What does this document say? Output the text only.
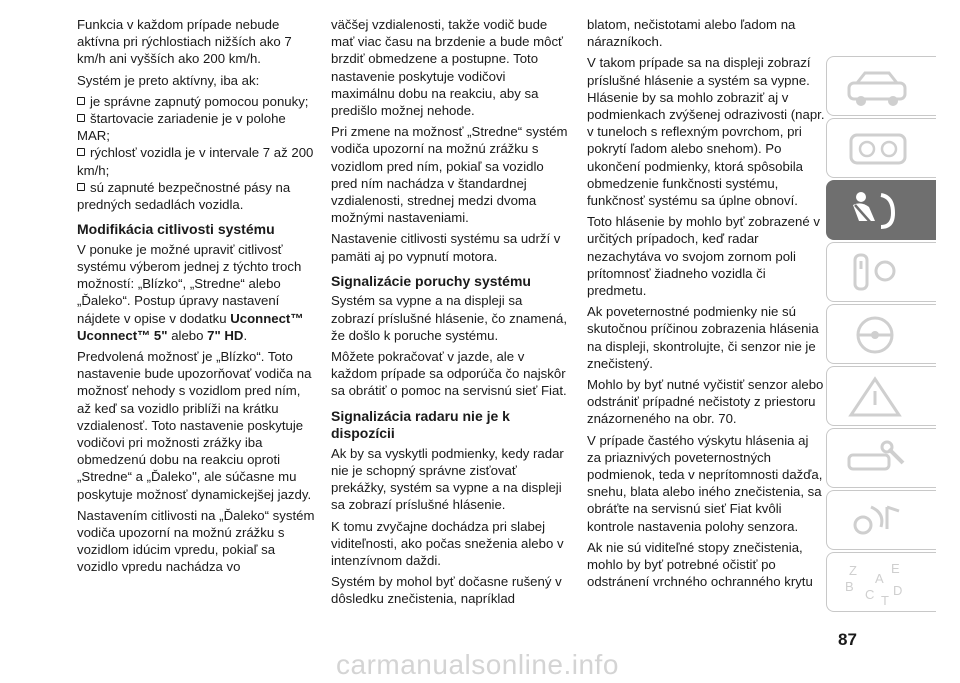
Funkcia v každom prípade nebude aktívna pri rýchlostiach nižších ako 7 km/h ani vyšších ako 200 km/h.

Systém je preto aktívny, iba ak:

je správne zapnutý pomocou ponuky;
štartovacie zariadenie je v polohe MAR;
rýchlosť vozidla je v intervale 7 až 200 km/h;
sú zapnuté bezpečnostné pásy na predných sedadlách vozidla.
Modifikácia citlivosti systému

V ponuke je možné upraviť citlivosť systému výberom jednej z týchto troch možností: „Blízko“, „Stredne“ alebo „Ďaleko“. Postup úpravy nastavení nájdete v opise v dodatku Uconnect™ Uconnect™ 5" alebo 7" HD.

Predvolená možnosť je „Blízko“. Toto nastavenie bude upozorňovať vodiča na možnosť nehody s vozidlom pred ním, až keď sa vozidlo priblíži na krátku vzdialenosť. Toto nastavenie poskytuje vodičovi pri možnosti zrážky iba obmedzenú dobu na reakciu oproti „Stredne“ a „Ďaleko", ale súčasne mu poskytuje možnosť dynamickejšej jazdy.

Nastavením citlivosti na „Ďaleko“ systém vodiča upozorní na možnú zrážku s vozidlom idúcim vpredu, pokiaľ sa vozidlo vpredu nachádza vo

väčšej vzdialenosti, takže vodič bude mať viac času na brzdenie a bude môcť brzdiť obmedzene a postupne. Toto nastavenie poskytuje vodičovi maximálnu dobu na reakciu, aby sa predišlo možnej nehode.

Pri zmene na možnosť „Stredne“ systém vodiča upozorní na možnú zrážku s vozidlom pred ním, pokiaľ sa vozidlo pred ním nachádza v štandardnej vzdialenosti, strednej medzi dvoma možnými nastaveniami.

Nastavenie citlivosti systému sa udrží v pamäti aj po vypnutí motora.

Signalizácie poruchy systému

Systém sa vypne a na displeji sa zobrazí príslušné hlásenie, čo znamená, že došlo k poruche systému.

Môžete pokračovať v jazde, ale v každom prípade sa odporúča čo najskôr sa obrátiť o pomoc na servisnú sieť Fiat.

Signalizácia radaru nie je k dispozícii

Ak by sa vyskytli podmienky, kedy radar nie je schopný správne zisťovať prekážky, systém sa vypne a na displeji sa zobrazí príslušné hlásenie.

K tomu zvyčajne dochádza pri slabej viditeľnosti, ako počas sneženia alebo v intenzívnom daždi.

Systém by mohol byť dočasne rušený v dôsledku znečistenia, napríklad

blatom, nečistotami alebo ľadom na nárazníkoch.

V takom prípade sa na displeji zobrazí príslušné hlásenie a systém sa vypne. Hlásenie by sa mohlo zobraziť aj v podmienkach zvýšenej odrazivosti (napr. v tuneloch s reflexným povrchom, pri pokrytí ľadom alebo snehom). Po ukončení podmienky, ktorá spôsobila obmedzenie funkčnosti systému, funkčnosť systému sa úplne obnoví.

Toto hlásenie by mohlo byť zobrazené v určitých prípadoch, keď radar nezachytáva vo svojom zornom poli prítomnosť žiadneho vozidla či predmetu.

Ak poveternostné podmienky nie sú skutočnou príčinou zobrazenia hlásenia na displeji, skontrolujte, či senzor nie je znečistený.

Mohlo by byť nutné vyčistiť senzor alebo odstrániť prípadné nečistoty z priestoru znázorneného na obr. 70.

V prípade častého výskytu hlásenia aj za priaznivých poveternostných podmienok, teda v neprítomnosti dažďa, snehu, blata alebo iného znečistenia, sa obráťte na servisnú sieť Fiat kvôli kontrole nastavenia polohy senzora.

Ak nie sú viditeľné stopy znečistenia, mohlo by byť potrebné očistiť po odstránení vrchného ochranného krytu

Z	E
B
C D
A
T
87
carmanualsonline.info
